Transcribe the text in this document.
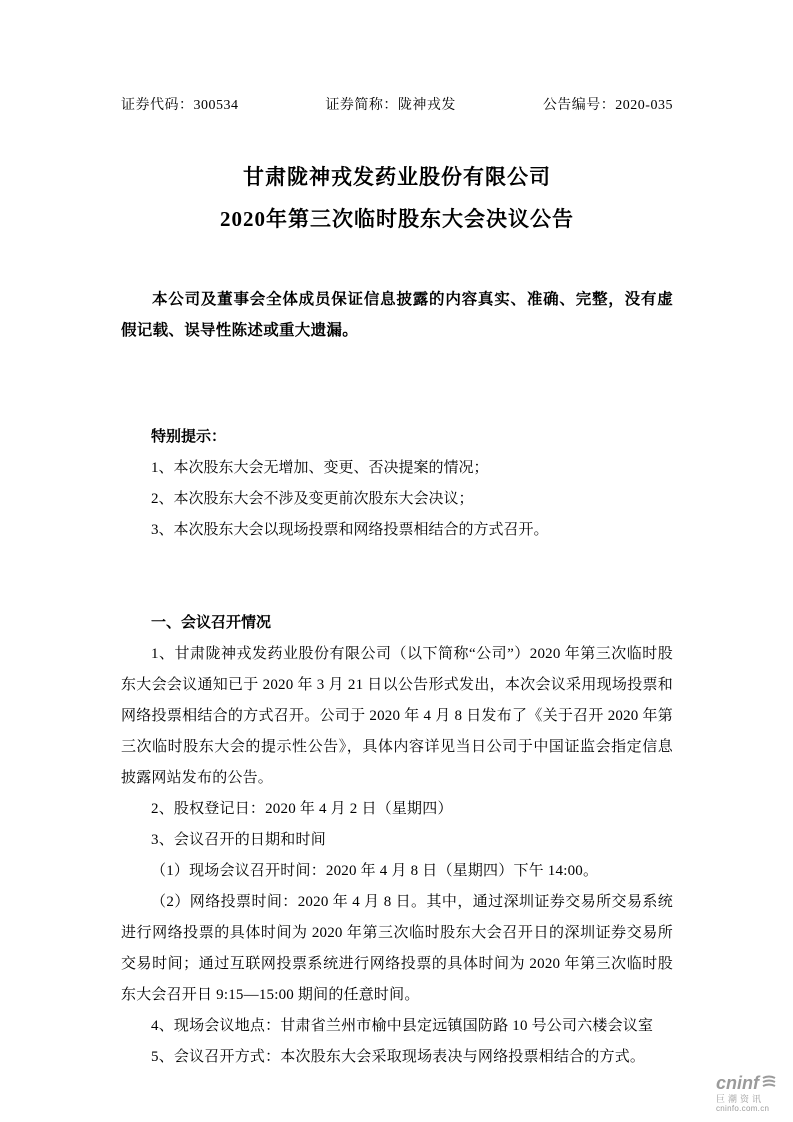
证券代码：300534	证券简称：陇神戎发	公告编号：2020-035
甘肃陇神戎发药业股份有限公司
2020年第三次临时股东大会决议公告

本公司及董事会全体成员保证信息披露的内容真实、准确、完整，没有虚假记载、误导性陈述或重大遗漏。

特别提示：
1、本次股东大会无增加、变更、否决提案的情况；
2、本次股东大会不涉及变更前次股东大会决议；
3、本次股东大会以现场投票和网络投票相结合的方式召开。
一、会议召开情况

1、甘肃陇神戎发药业股份有限公司（以下简称“公司”）2020 年第三次临时股东大会会议通知已于 2020 年 3 月 21 日以公告形式发出，本次会议采用现场投票和网络投票相结合的方式召开。公司于 2020 年 4 月 8 日发布了《关于召开 2020 年第三次临时股东大会的提示性公告》，具体内容详见当日公司于中国证监会指定信息披露网站发布的公告。

2、股权登记日：2020 年 4 月 2 日（星期四）

3、会议召开的日期和时间

（1）现场会议召开时间：2020 年 4 月 8 日（星期四）下午 14:00。

（2）网络投票时间：2020 年 4 月 8 日。其中，通过深圳证券交易所交易系统进行网络投票的具体时间为 2020 年第三次临时股东大会召开日的深圳证券交易所交易时间；通过互联网投票系统进行网络投票的具体时间为 2020 年第三次临时股东大会召开日 9:15—15:00 期间的任意时间。

4、现场会议地点：甘肃省兰州市榆中县定远镇国防路 10 号公司六楼会议室

5、会议召开方式：本次股东大会采取现场表决与网络投票相结合的方式。

cninf
巨潮资讯
cninfo.com.cn
